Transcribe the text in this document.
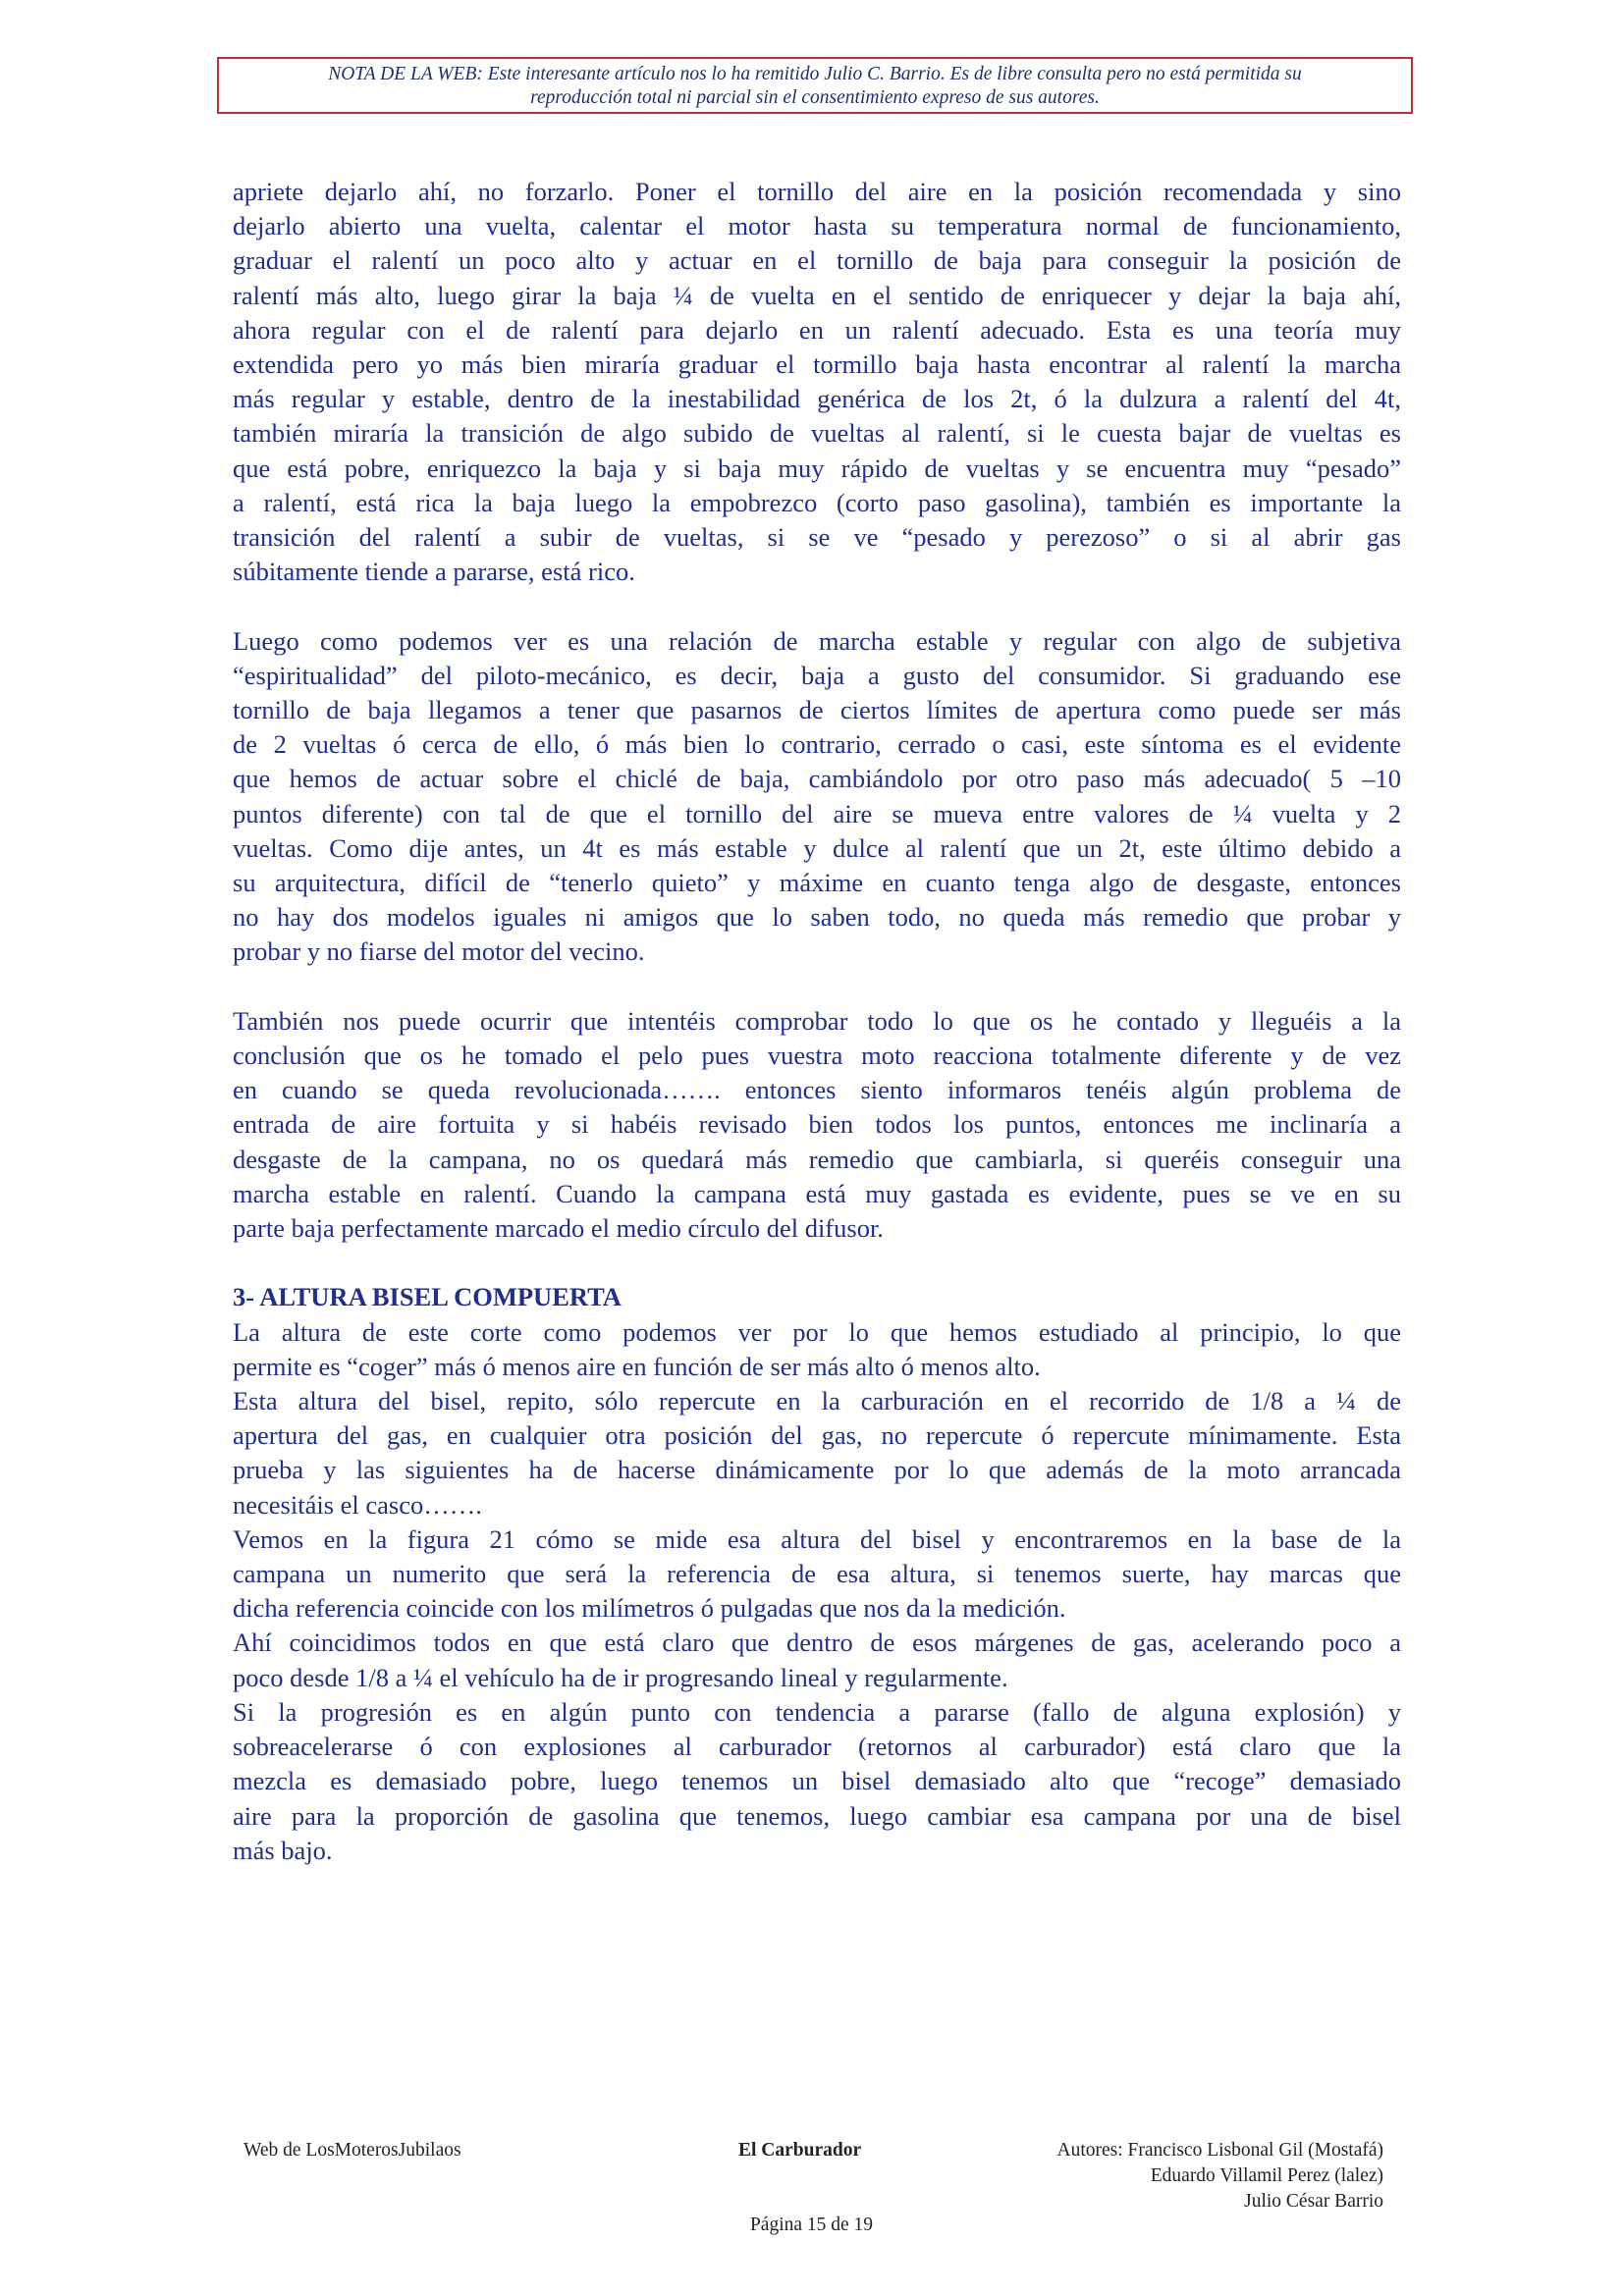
NOTA DE LA WEB: Este interesante artículo nos lo ha remitido Julio C. Barrio. Es de libre consulta pero no está permitida su
reproducción total ni parcial sin el consentimiento expreso de sus autores.

apriete dejarlo ahí, no forzarlo. Poner el tornillo del aire en la posición recomendada y sino

dejarlo abierto una vuelta, calentar el motor hasta su temperatura normal de funcionamiento,

graduar el ralentí un poco alto y actuar en el tornillo de baja para conseguir la posición de

ralentí más alto, luego girar la baja ¼ de vuelta en el sentido de enriquecer y dejar la baja ahí,

ahora regular con el de ralentí para dejarlo en un ralentí adecuado. Esta es una teoría muy

extendida pero yo más bien miraría graduar el tormillo baja hasta encontrar al ralentí la marcha

más regular y estable, dentro de la inestabilidad genérica de los 2t, ó la dulzura a ralentí del 4t,

también miraría la transición de algo subido de vueltas al ralentí, si le cuesta bajar de vueltas es

que está pobre, enriquezco la baja y si baja muy rápido de vueltas y se encuentra muy “pesado”

a ralentí, está rica la baja luego la empobrezco (corto paso gasolina), también es importante la

transición del ralentí a subir de vueltas, si se ve “pesado y perezoso” o si al abrir gas

súbitamente tiende a pararse, está rico.

Luego como podemos ver es una relación de marcha estable y regular con algo de subjetiva

“espiritualidad” del piloto-mecánico, es decir, baja a gusto del consumidor. Si graduando ese

tornillo de baja llegamos a tener que pasarnos de ciertos límites de apertura como puede ser más

de 2 vueltas ó cerca de ello, ó más bien lo contrario, cerrado o casi, este síntoma es el evidente

que hemos de actuar sobre el chiclé de baja, cambiándolo por otro paso más adecuado( 5 –10

puntos diferente) con tal de que el tornillo del aire se mueva entre valores de ¼ vuelta y 2

vueltas. Como dije antes, un 4t es más estable y dulce al ralentí que un 2t, este último debido a

su arquitectura, difícil de “tenerlo quieto” y máxime en cuanto tenga algo de desgaste, entonces

no hay dos modelos iguales ni amigos que lo saben todo, no queda más remedio que probar y

probar y no fiarse del motor del vecino.

También nos puede ocurrir que intentéis comprobar todo lo que os he contado y lleguéis a la

conclusión que os he tomado el pelo pues vuestra moto reacciona totalmente diferente y de vez

en cuando se queda revolucionada……. entonces siento informaros tenéis algún problema de

entrada de aire fortuita y si habéis revisado bien todos los puntos, entonces me inclinaría a

desgaste de la campana, no os quedará más remedio que cambiarla, si queréis conseguir una

marcha estable en ralentí. Cuando la campana está muy gastada es evidente, pues se ve en su

parte baja perfectamente marcado el medio círculo del difusor.

3- ALTURA BISEL COMPUERTA

La altura de este corte como podemos ver por lo que hemos estudiado al principio, lo que

permite es “coger” más ó menos aire en función de ser más alto ó menos alto.

Esta altura del bisel, repito, sólo repercute en la carburación en el recorrido de 1/8 a ¼ de

apertura del gas, en cualquier otra posición del gas, no repercute ó repercute mínimamente. Esta

prueba y las siguientes ha de hacerse dinámicamente por lo que además de la moto arrancada

necesitáis el casco…….

Vemos en la figura 21 cómo se mide esa altura del bisel y encontraremos en la base de la

campana un numerito que será la referencia de esa altura, si tenemos suerte, hay marcas que

dicha referencia coincide con los milímetros ó pulgadas que nos da la medición.

Ahí coincidimos todos en que está claro que dentro de esos márgenes de gas, acelerando poco a

poco desde 1/8 a ¼ el vehículo ha de ir progresando lineal y regularmente.

Si la progresión es en algún punto con tendencia a pararse (fallo de alguna explosión) y

sobreacelerarse ó con explosiones al carburador (retornos al carburador) está claro que la

mezcla es demasiado pobre, luego tenemos un bisel demasiado alto que “recoge” demasiado

aire para la proporción de gasolina que tenemos, luego cambiar esa campana por una de bisel

más bajo.

Web de LosMoterosJubilaos	El Carburador	Autores: Francisco Lisbonal Gil (Mostafá)
Eduardo Villamil Perez (lalez)
Julio César Barrio
Página 15 de 19
